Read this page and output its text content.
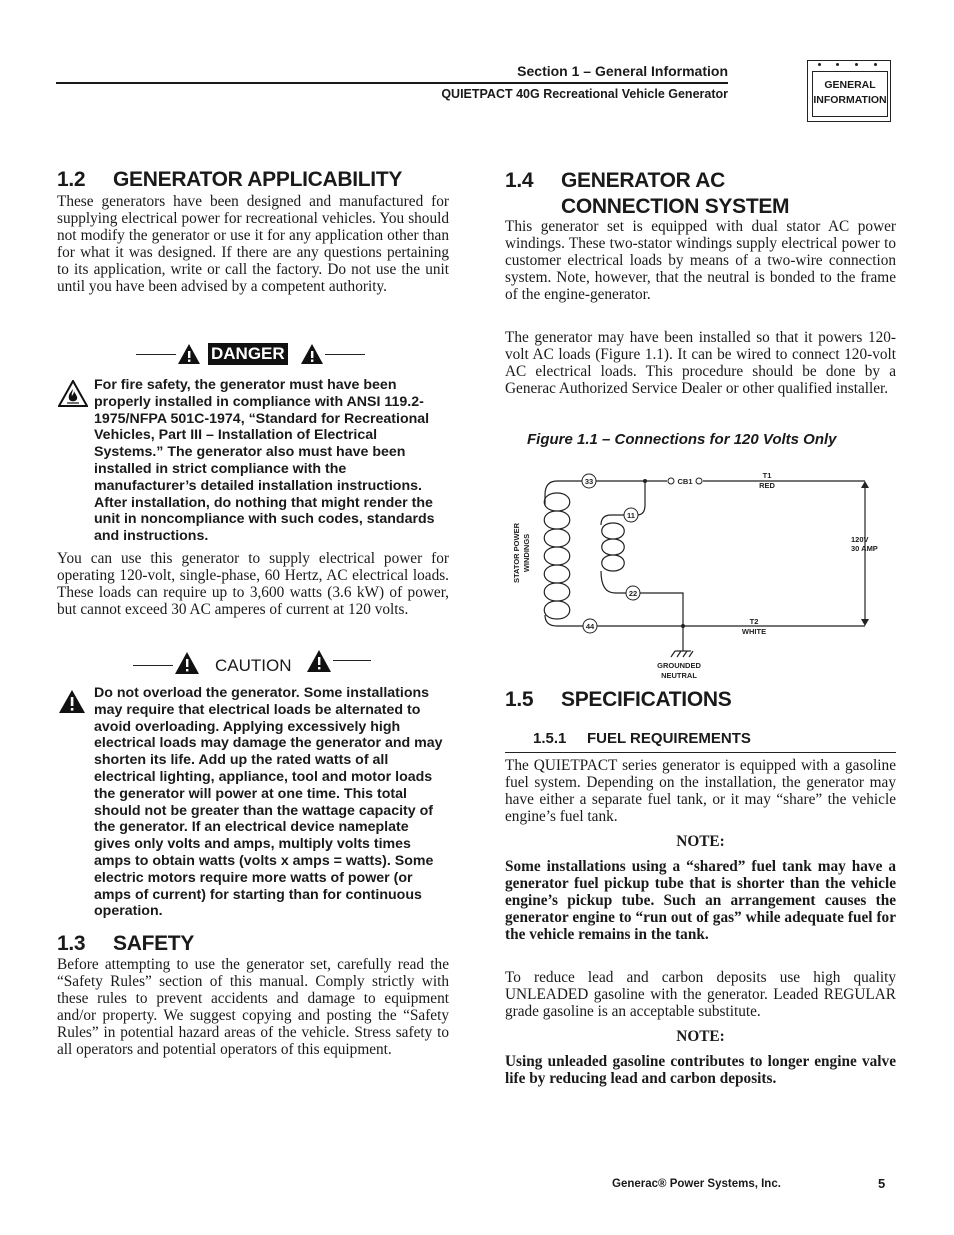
Section 1 – General Information
QUIETPACT 40G Recreational Vehicle Generator
GENERAL
INFORMATION
1.2 GENERATOR APPLICABILITY

These generators have been designed and manufactured for supplying electrical power for recreational vehicles. You should not modify the generator or use it for any application other than for what it was designed. If there are any questions pertaining to its application, write or call the factory. Do not use the unit until you have been advised by a competent authority.

DANGER

For fire safety, the generator must have been properly installed in compliance with ANSI 119.2-1975/NFPA 501C-1974, “Standard for Recreational Vehicles, Part III – Installation of Electrical Systems.” The generator also must have been installed in strict compliance with the manufacturer’s detailed installation instructions. After installation, do nothing that might render the unit in noncompliance with such codes, standards and instructions.

You can use this generator to supply electrical power for operating 120-volt, single-phase, 60 Hertz, AC electrical loads. These loads can require up to 3,600 watts (3.6 kW) of power, but cannot exceed 30 AC amperes of current at 120 volts.

CAUTION

Do not overload the generator. Some installations may require that electrical loads be alternated to avoid overloading. Applying excessively high electrical loads may damage the generator and may shorten its life. Add up the rated watts of all electrical lighting, appliance, tool and motor loads the generator will power at one time. This total should not be greater than the wattage capacity of the generator. If an electrical device nameplate gives only volts and amps, multiply volts times amps to obtain watts (volts x amps = watts). Some electric motors require more watts of power (or amps of current) for starting than for continuous operation.

1.3 SAFETY

Before attempting to use the generator set, carefully read the “Safety Rules” section of this manual. Comply strictly with these rules to prevent accidents and damage to equipment and/or property. We suggest copying and posting the “Safety Rules” in potential hazard areas of the vehicle. Stress safety to all operators and potential operators of this equipment.

1.4 GENERATOR AC
CONNECTION SYSTEM

This generator set is equipped with dual stator AC power windings. These two-stator windings supply electrical power to customer electrical loads by means of a two-wire connection system. Note, however, that the neutral is bonded to the frame of the engine-generator.

The generator may have been installed so that it powers 120-volt AC loads (Figure 1.1). It can be wired to connect 120-volt AC electrical loads. This procedure should be done by a Generac Authorized Service Dealer or other qualified installer.

Figure 1.1 – Connections for 120 Volts Only
33
11
22
44
CB1
T1
RED
T2
WHITE
GROUNDED
NEUTRAL
120V
30 AMP
STATOR POWER WINDINGS
1.5 SPECIFICATIONS
1.5.1 FUEL REQUIREMENTS

The QUIETPACT series generator is equipped with a gasoline fuel system. Depending on the installation, the generator may have either a separate fuel tank, or it may “share” the vehicle engine’s fuel tank.

NOTE:

Some installations using a “shared” fuel tank may have a generator fuel pickup tube that is shorter than the vehicle engine’s pickup tube. Such an arrangement causes the generator engine to “run out of gas” while adequate fuel for the vehicle remains in the tank.

To reduce lead and carbon deposits use high quality UNLEADED gasoline with the generator. Leaded REGULAR grade gasoline is an acceptable substitute.

NOTE:

Using unleaded gasoline contributes to longer engine valve life by reducing lead and carbon deposits.

Generac® Power Systems, Inc.	5
